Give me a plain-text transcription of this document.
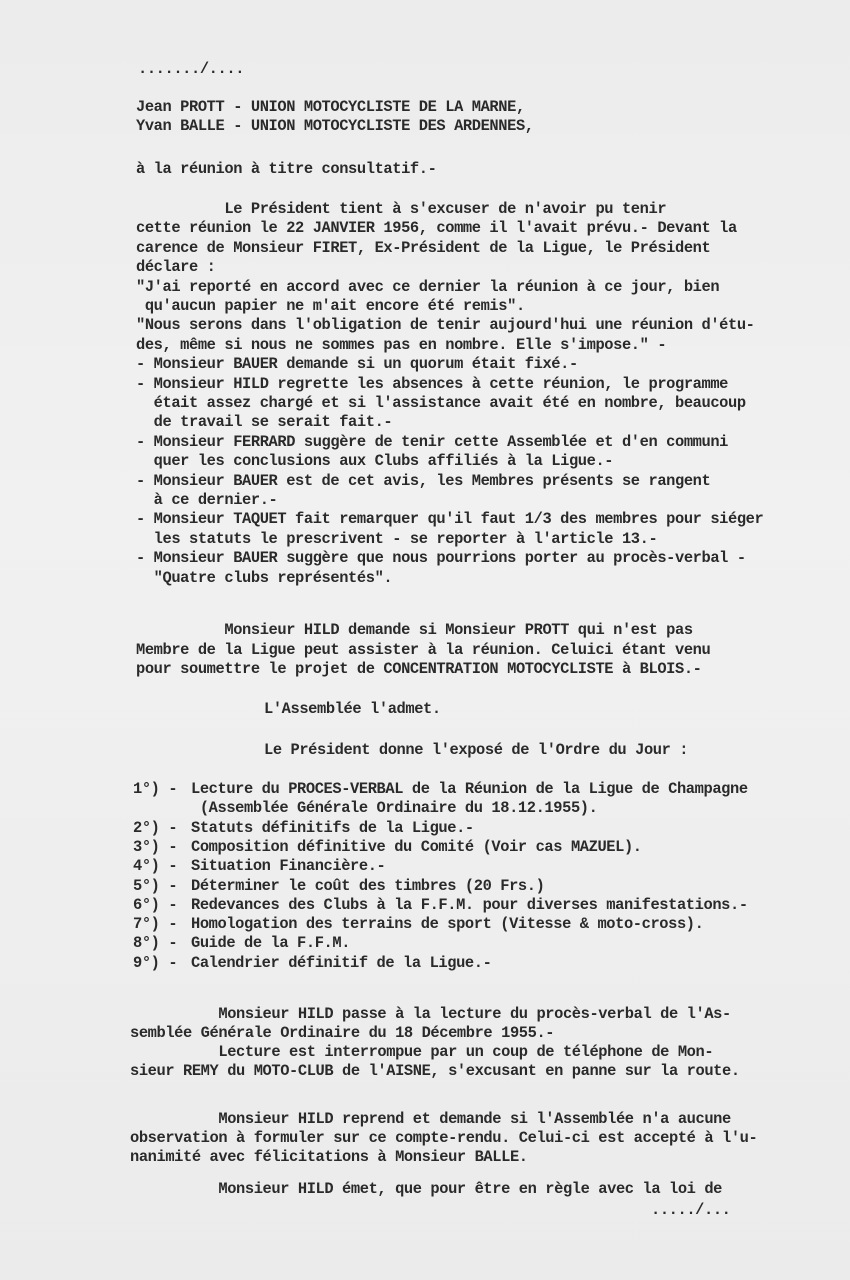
......./....
Jean PROTT - UNION MOTOCYCLISTE DE LA MARNE,
Yvan BALLE - UNION MOTOCYCLISTE DES ARDENNES,
à la réunion à titre consultatif.-
Le Président tient à s'excuser de n'avoir pu tenir
cette réunion le 22 JANVIER 1956, comme il l'avait prévu.- Devant la
carence de Monsieur FIRET, Ex-Président de la Ligue, le Président
déclare :
"J'ai reporté en accord avec ce dernier la réunion à ce jour, bien
qu'aucun papier ne m'ait encore été remis".
"Nous serons dans l'obligation de tenir aujourd'hui une réunion d'étu-
des, même si nous ne sommes pas en nombre. Elle s'impose." -
- Monsieur BAUER demande si un quorum était fixé.-
- Monsieur HILD regrette les absences à cette réunion, le programme
était assez chargé et si l'assistance avait été en nombre, beaucoup
de travail se serait fait.-
- Monsieur FERRARD suggère de tenir cette Assemblée et d'en communi
quer les conclusions aux Clubs affiliés à la Ligue.-
- Monsieur BAUER est de cet avis, les Membres présents se rangent
à ce dernier.-
- Monsieur TAQUET fait remarquer qu'il faut 1/3 des membres pour siéger
les statuts le prescrivent - se reporter à l'article 13.-
- Monsieur BAUER suggère que nous pourrions porter au procès-verbal -
"Quatre clubs représentés".
Monsieur HILD demande si Monsieur PROTT qui n'est pas
Membre de la Ligue peut assister à la réunion. Celuici étant venu
pour soumettre le projet de CONCENTRATION MOTOCYCLISTE à BLOIS.-
L'Assemblée l'admet.
Le Président donne l'exposé de l'Ordre du Jour :
1°) - Lecture du PROCES-VERBAL de la Réunion de la Ligue de Champagne
(Assemblée Générale Ordinaire du 18.12.1955).
2°) - Statuts définitifs de la Ligue.-
3°) - Composition définitive du Comité (Voir cas MAZUEL).
4°) - Situation Financière.-
5°) - Déterminer le coût des timbres (20 Frs.)
6°) - Redevances des Clubs à la F.F.M. pour diverses manifestations.-
7°) - Homologation des terrains de sport (Vitesse & moto-cross).
8°) - Guide de la F.F.M.
9°) - Calendrier définitif de la Ligue.-
Monsieur HILD passe à la lecture du procès-verbal de l'As-
semblée Générale Ordinaire du 18 Décembre 1955.-
Lecture est interrompue par un coup de téléphone de Mon-
sieur REMY du MOTO-CLUB de l'AISNE, s'excusant en panne sur la route.
Monsieur HILD reprend et demande si l'Assemblée n'a aucune
observation à formuler sur ce compte-rendu. Celui-ci est accepté à l'u-
nanimité avec félicitations à Monsieur BALLE.
Monsieur HILD émet, que pour être en règle avec la loi de
...../...
